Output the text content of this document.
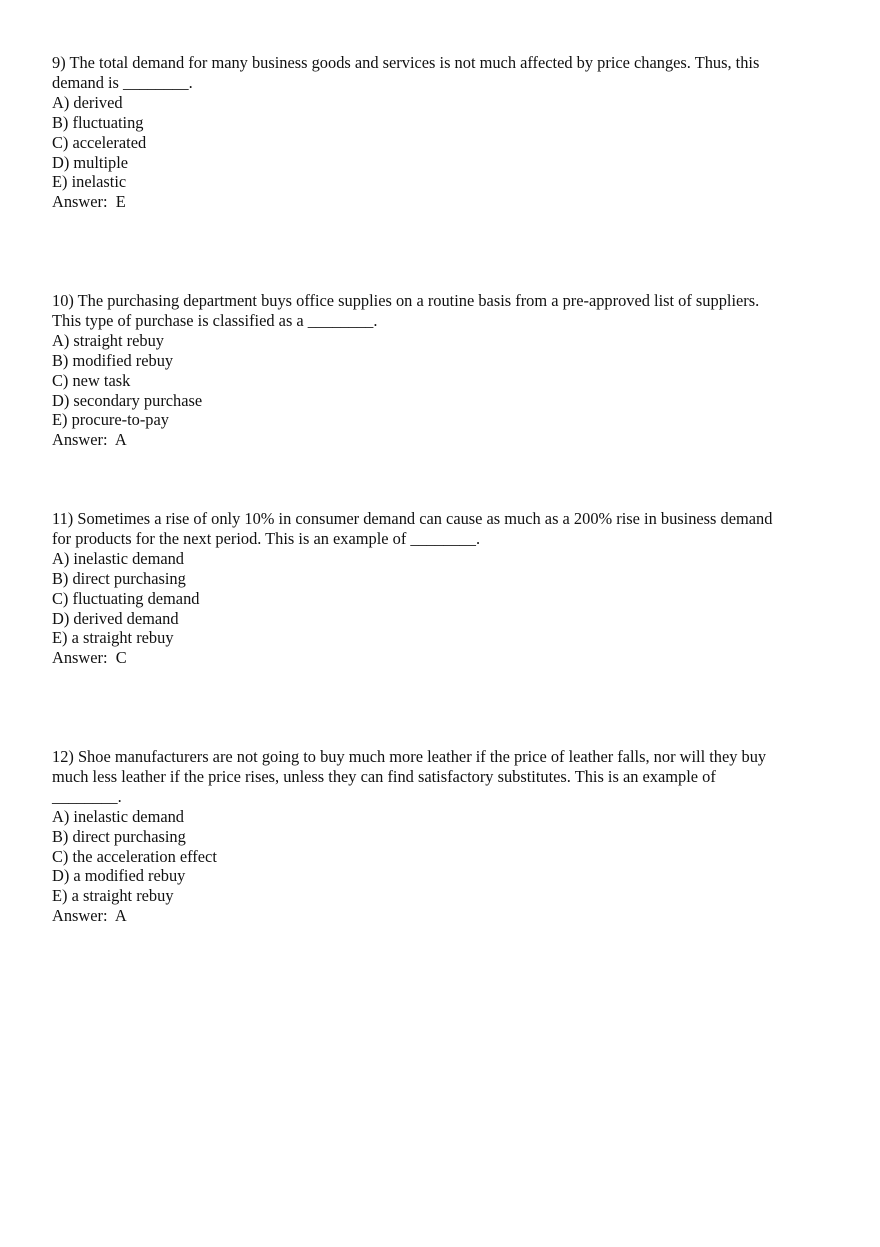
9) The total demand for many business goods and services is not much affected by price changes. Thus, this
demand is ________.
A) derived
B) fluctuating
C) accelerated
D) multiple
E) inelastic
Answer:  E
10) The purchasing department buys office supplies on a routine basis from a pre-approved list of suppliers.
This type of purchase is classified as a ________.
A) straight rebuy
B) modified rebuy
C) new task
D) secondary purchase
E) procure-to-pay
Answer:  A
11) Sometimes a rise of only 10% in consumer demand can cause as much as a 200% rise in business demand
for products for the next period. This is an example of ________.
A) inelastic demand
B) direct purchasing
C) fluctuating demand
D) derived demand
E) a straight rebuy
Answer:  C
12) Shoe manufacturers are not going to buy much more leather if the price of leather falls, nor will they buy
much less leather if the price rises, unless they can find satisfactory substitutes. This is an example of
________.
A) inelastic demand
B) direct purchasing
C) the acceleration effect
D) a modified rebuy
E) a straight rebuy
Answer:  A
